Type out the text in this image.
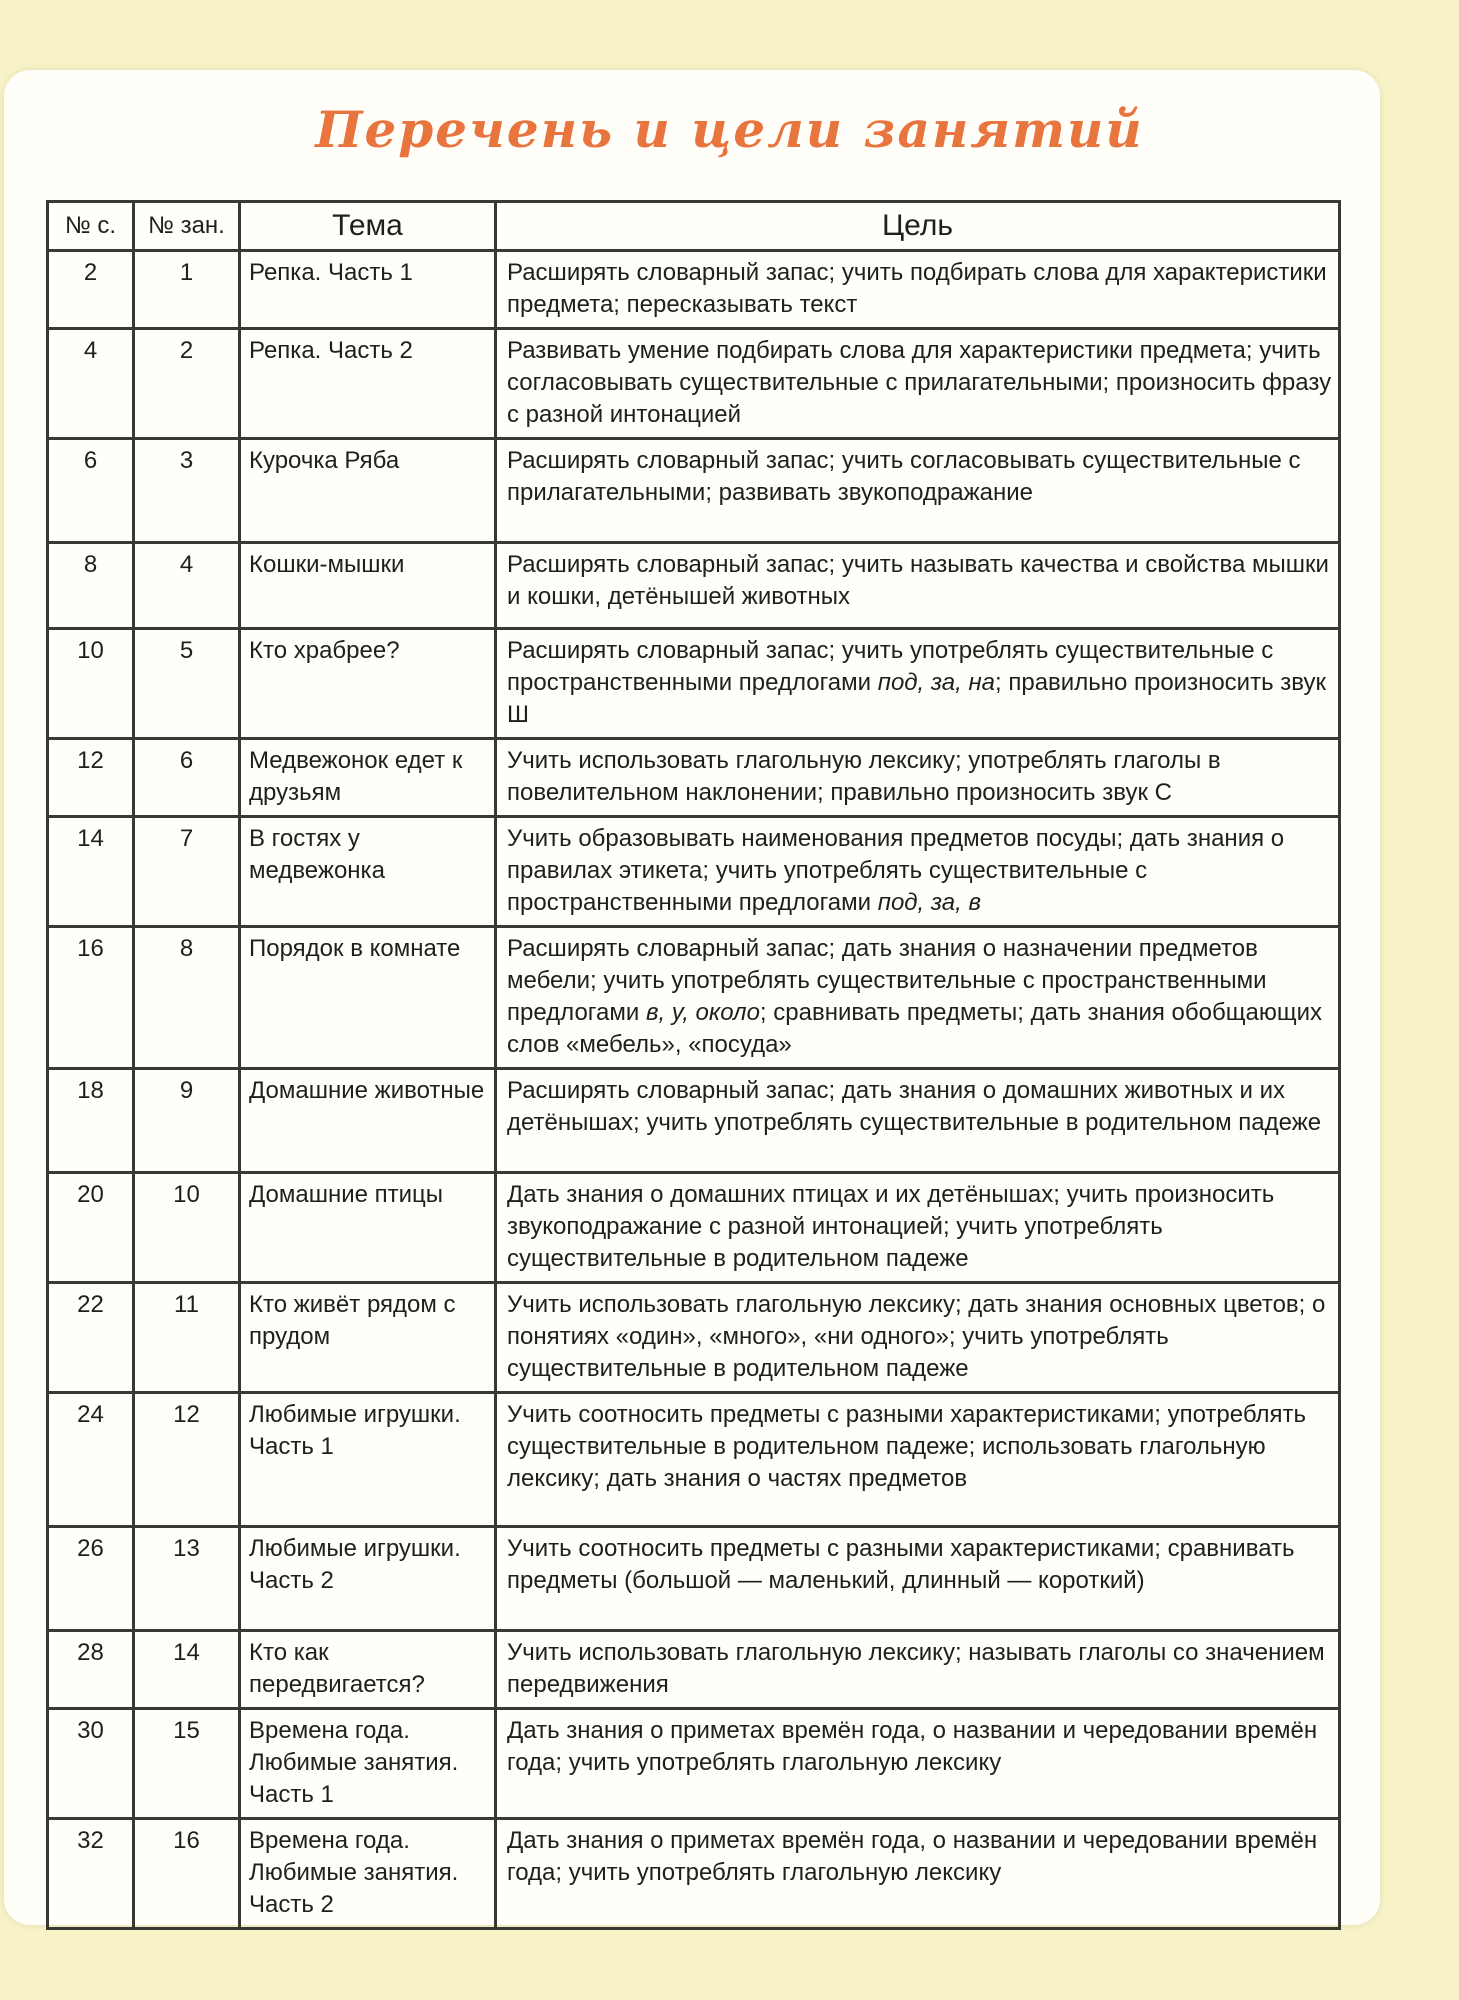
Перечень и цели занятий
№ с.	№ зан.	Тема	Цель
2	1	Репка. Часть 1	Расширять словарный запас; учить подбирать слова для характеристики предмета; пересказывать текст
4	2	Репка. Часть 2	Развивать умение подбирать слова для характеристики предмета; учить согласовывать существительные с прилагательными; произносить фразу с разной интонацией
6	3	Курочка Ряба	Расширять словарный запас; учить согласовывать существительные с прилагательными; развивать звукоподражание
8	4	Кошки-мышки	Расширять словарный запас; учить называть качества и свойства мышки и кошки, детёнышей животных
10	5	Кто храбрее?	Расширять словарный запас; учить употреблять существительные с пространственными предлогами под, за, на; правильно произносить звук Ш
12	6	Медвежонок едет к друзьям	Учить использовать глагольную лексику; употреблять глаголы в повелительном наклонении; правильно произносить звук С
14	7	В гостях у медвежонка	Учить образовывать наименования предметов посуды; дать знания о правилах этикета; учить употреблять существительные с пространственными предлогами под, за, в
16	8	Порядок в комнате	Расширять словарный запас; дать знания о назначении предметов мебели; учить употреблять существительные с пространственными предлогами в, у, около; сравнивать предметы; дать знания обобщающих слов «мебель», «посуда»
18	9	Домашние животные	Расширять словарный запас; дать знания о домашних животных и их детёнышах; учить употреблять существительные в родительном падеже
20	10	Домашние птицы	Дать знания о домашних птицах и их детёнышах; учить произносить звукоподражание с разной интонацией; учить употреблять существительные в родительном падеже
22	11	Кто живёт рядом с прудом	Учить использовать глагольную лексику; дать знания основных цветов; о понятиях «один», «много», «ни одного»; учить употреблять существительные в родительном падеже
24	12	Любимые игрушки. Часть 1	Учить соотносить предметы с разными характеристиками; употреблять существительные в родительном падеже; использовать глагольную лексику; дать знания о частях предметов
26	13	Любимые игрушки. Часть 2	Учить соотносить предметы с разными характеристиками; сравнивать предметы (большой — маленький, длинный — короткий)
28	14	Кто как передвигается?	Учить использовать глагольную лексику; называть глаголы со значением передвижения
30	15	Времена года. Любимые занятия. Часть 1	Дать знания о приметах времён года, о названии и чередовании времён года; учить употреблять глагольную лексику
32	16	Времена года. Любимые занятия. Часть 2	Дать знания о приметах времён года, о названии и чередовании времён года; учить употреблять глагольную лексику
